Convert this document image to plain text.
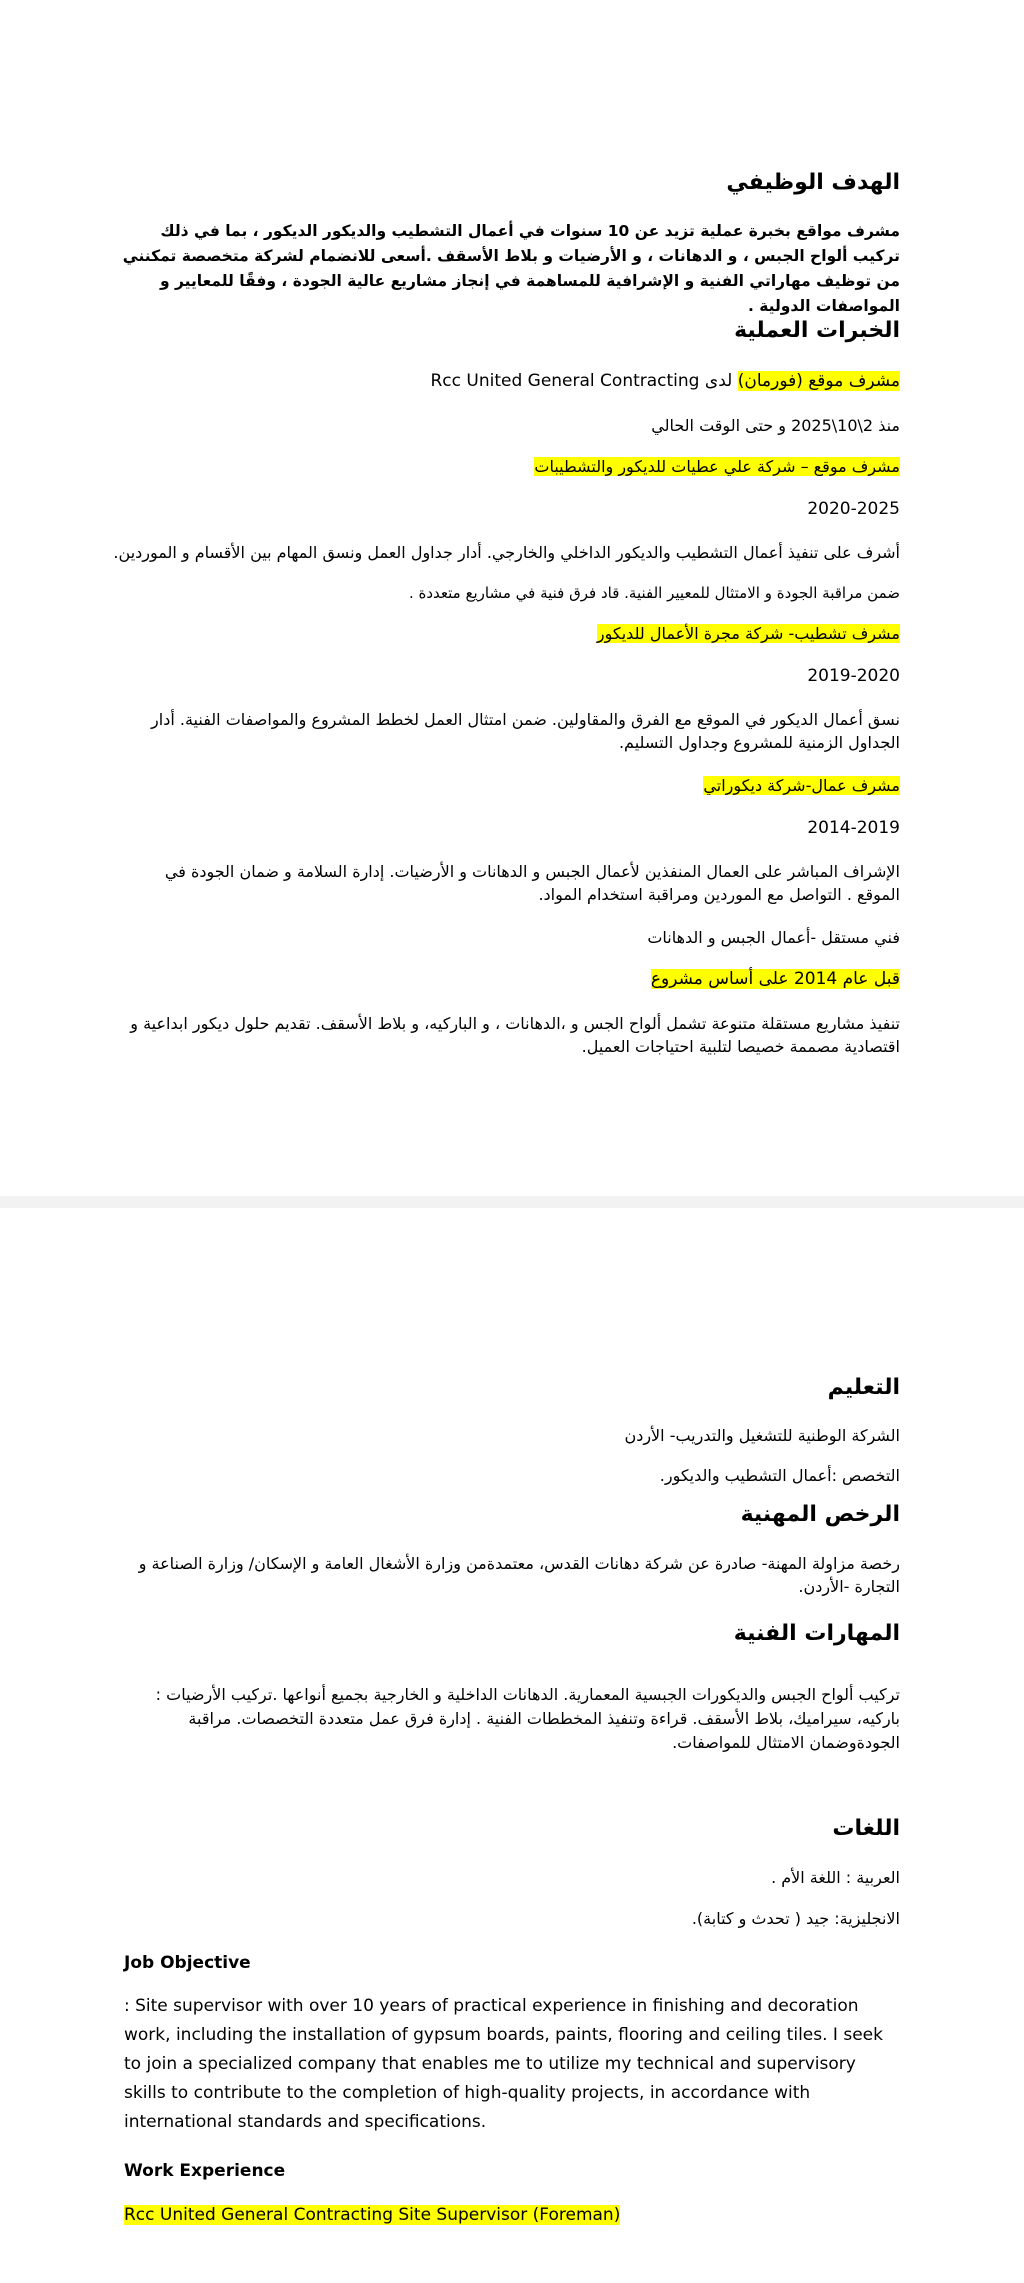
الهدف الوظيفي

مشرف مواقع بخبرة عملية تزيد عن 10 سنوات في أعمال التشطيب والديكور الديكور ، بما في ذلك تركيب ألواح الجبس ، و الدهانات ، و الأرضيات و بلاط الأسقف .أسعى للانضمام لشركة متخصصة تمكنني من توظيف مهاراتي الفنية و الإشرافية للمساهمة في إنجاز مشاريع عالية الجودة ، وفقًا للمعايير و المواصفات الدولية .

الخبرات العملية
مشرف موقع (فورمان) لدى Rcc United General Contracting
منذ 2\10\2025 و حتى الوقت الحالي
مشرف موقع – شركة علي عطيات للديكور والتشطيبات
2020-2025

أشرف على تنفيذ أعمال التشطيب والديكور الداخلي والخارجي. أدار جداول العمل ونسق المهام بين الأقسام و الموردين.

ضمن مراقبة الجودة و الامتثال للمعيير الفنية. قاد فرق فنية في مشاريع متعددة .

مشرف تشطيب- شركة مجرة الأعمال للديكور
2019-2020

نسق أعمال الديكور في الموقع مع الفرق والمقاولين. ضمن امتثال العمل لخطط المشروع والمواصفات الفنية. أدار الجداول الزمنية للمشروع وجداول التسليم.

مشرف عمال-شركة ديكوراتي
2014-2019

الإشراف المباشر على العمال المنفذين لأعمال الجبس و الدهانات و الأرضيات. إدارة السلامة و ضمان الجودة في الموقع . التواصل مع الموردين ومراقبة استخدام المواد.

فني مستقل -أعمال الجبس و الدهانات

قبل عام 2014 على أساس مشروع

تنفيذ مشاريع مستقلة متنوعة تشمل ألواح الجس و ،الدهانات ، و الباركيه، و بلاط الأسقف. تقديم حلول ديكور ابداعية و اقتصادية مصممة خصيصا لتلبية احتياجات العميل.

التعليم

الشركة الوطنية للتشغيل والتدريب- الأردن

التخصص :أعمال التشطيب والديكور.

الرخص المهنية

رخصة مزاولة المهنة- صادرة عن شركة دهانات القدس، معتمدةمن وزارة الأشغال العامة و الإسكان/ وزارة الصناعة و التجارة -الأردن.

المهارات الفنية

تركيب ألواح الجبس والديكورات الجبسية المعمارية. الدهانات الداخلية و الخارجية بجميع أنواعها .تركيب الأرضيات : باركيه، سيراميك، بلاط الأسقف. قراءة وتنفيذ المخططات الفنية . إدارة فرق عمل متعددة التخصصات. مراقبة الجودةوضمان الامتثال للمواصفات.

اللغات

العربية : اللغة الأم .

الانجليزية: جيد ( تحدث و كتابة).

Job Objective

: Site supervisor with over 10 years of practical experience in finishing and decoration work, including the installation of gypsum boards, paints, flooring and ceiling tiles. I seek to join a specialized company that enables me to utilize my technical and supervisory skills to contribute to the completion of high-quality projects, in accordance with international standards and specifications.

Work Experience
Rcc United General Contracting Site Supervisor (Foreman)
